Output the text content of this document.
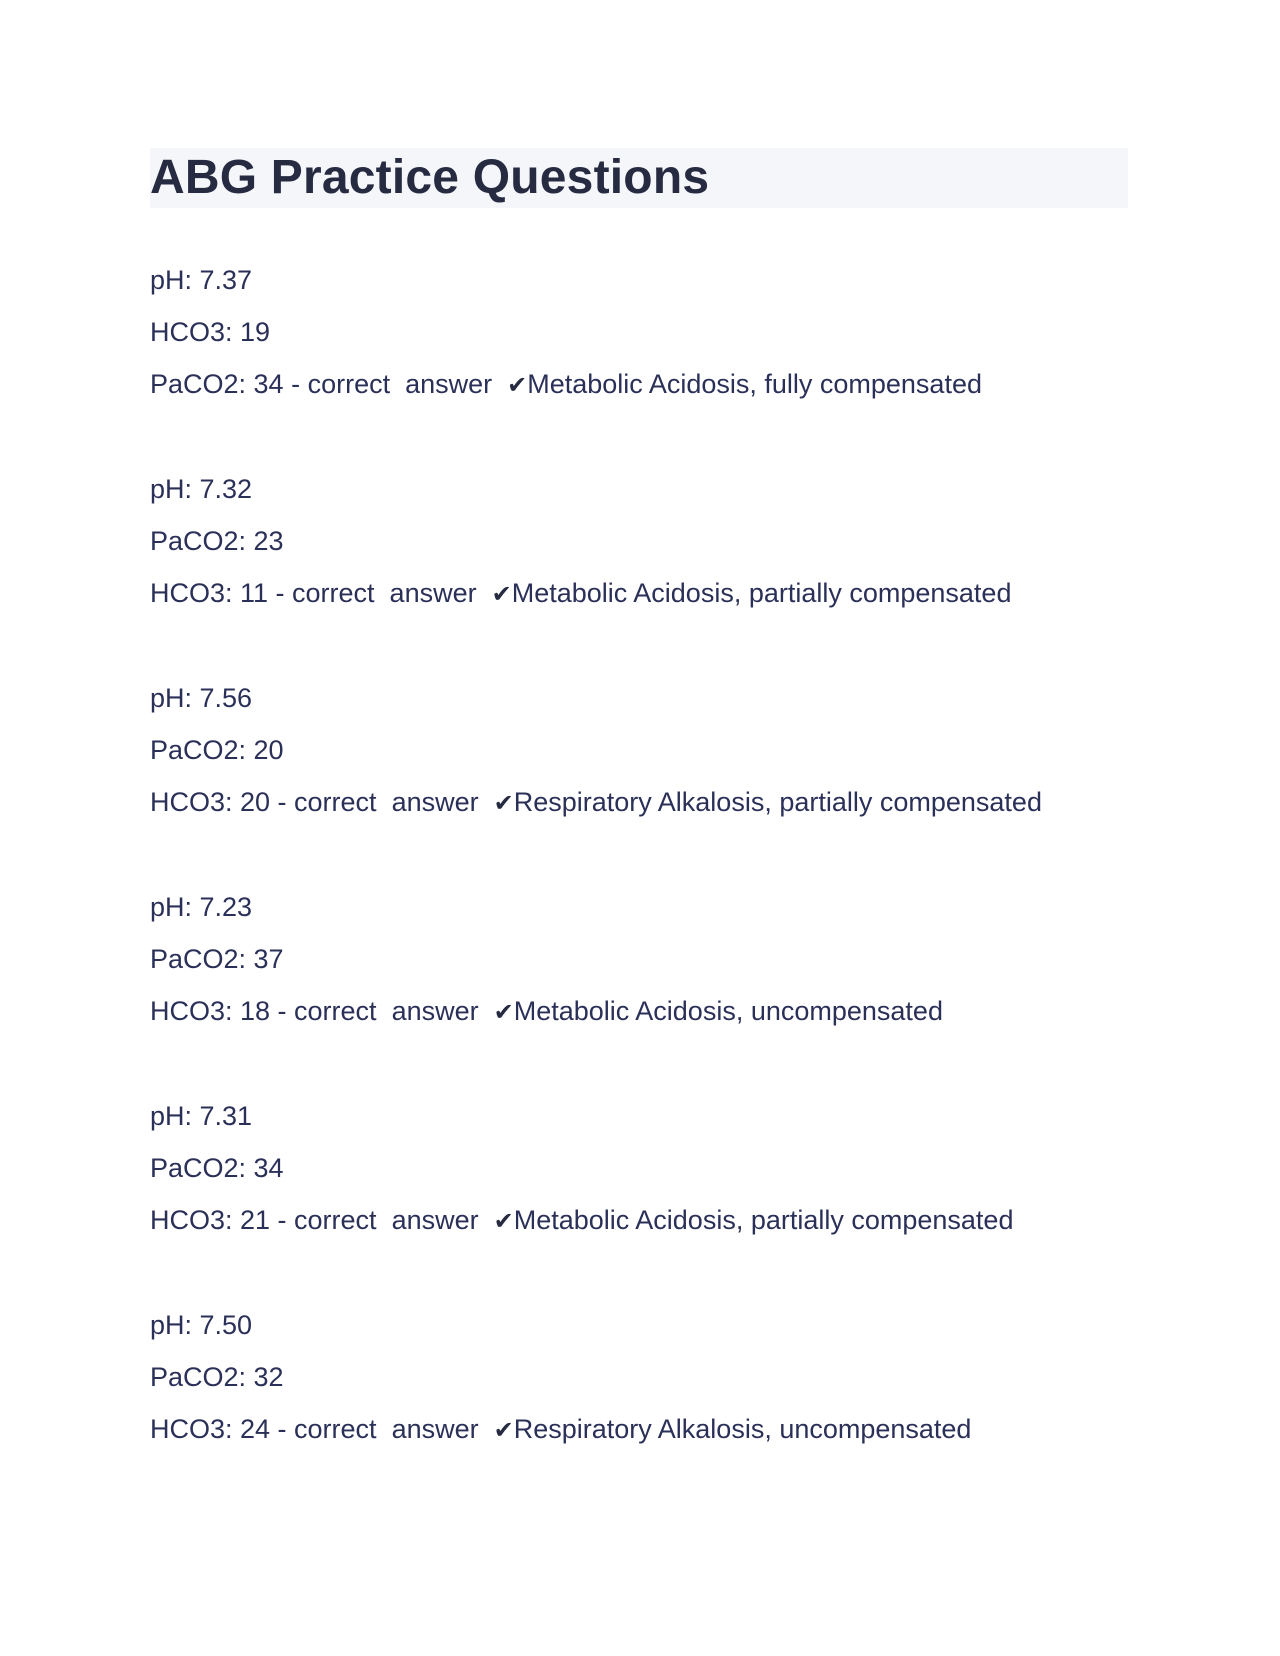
ABG Practice Questions
pH: 7.37
HCO3: 19
PaCO2: 34 - correct  answer  ✔Metabolic Acidosis, fully compensated
pH: 7.32
PaCO2: 23
HCO3: 11 - correct  answer  ✔Metabolic Acidosis, partially compensated
pH: 7.56
PaCO2: 20
HCO3: 20 - correct  answer  ✔Respiratory Alkalosis, partially compensated
pH: 7.23
PaCO2: 37
HCO3: 18 - correct  answer  ✔Metabolic Acidosis, uncompensated
pH: 7.31
PaCO2: 34
HCO3: 21 - correct  answer  ✔Metabolic Acidosis, partially compensated
pH: 7.50
PaCO2: 32
HCO3: 24 - correct  answer  ✔Respiratory Alkalosis, uncompensated
